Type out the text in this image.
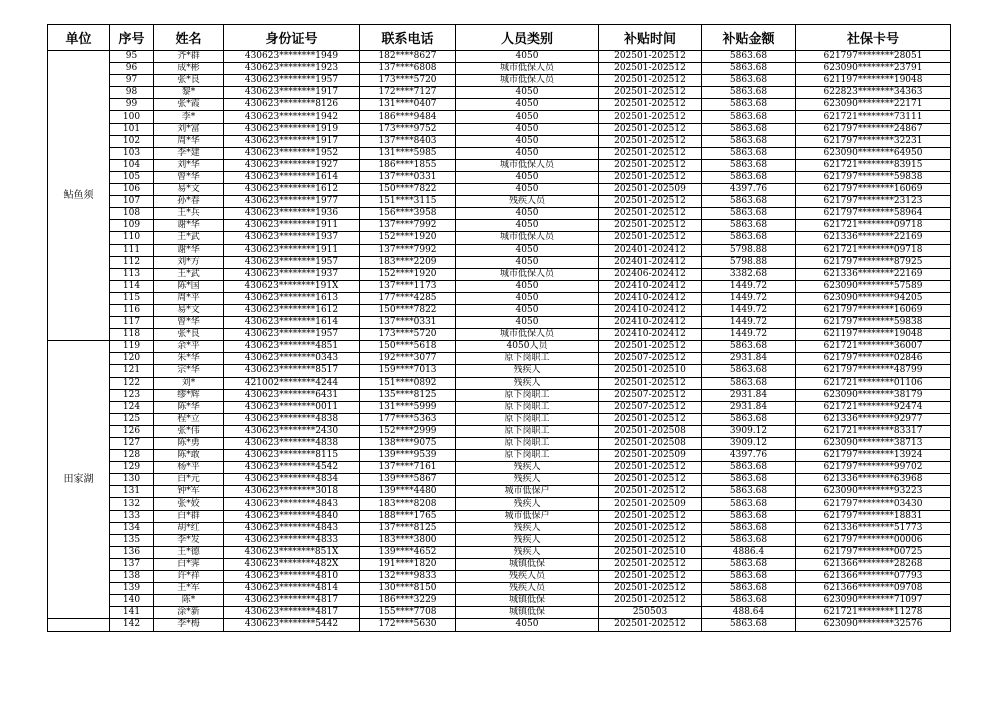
单位	序号	姓名	身份证号	联系电话	人员类别	补贴时间	补贴金额	社保卡号
鲇鱼须	95	齐*群	430623********1949	182****8627	4050	202501-202512	5863.68	621797********28051
	96	成*彬	430623********1923	137****6808	城市低保人员	202501-202512	5863.68	623090********23791
	97	张*良	430623********1957	173****5720	城市低保人员	202501-202512	5863.68	621197********19048
	98	黎*	430623********1917	172****7127	4050	202501-202512	5863.68	622823********34363
	99	张*霞	430623********8126	131****0407	4050	202501-202512	5863.68	623090********22171
	100	李*	430623********1942	186****9484	4050	202501-202512	5863.68	621721********73111
	101	刘*富	430623********1919	173****9752	4050	202501-202512	5863.68	621797********24867
	102	周*华	430623********1917	137****8403	4050	202501-202512	5863.68	621797********32231
	103	李*建	430623********1952	131****5985	4050	202501-202512	5863.68	623090********64950
	104	刘*华	430623********1927	186****1855	城市低保人员	202501-202512	5863.68	621721********83915
	105	曾*华	430623********1614	137****0331	4050	202501-202512	5863.68	621797********59838
	106	易*文	430623********1612	150****7822	4050	202501-202509	4397.76	621797********16069
	107	孙*春	430623********1977	151****3115	残疾人员	202501-202512	5863.68	621797********23123
	108	王*兵	430623********1936	156****3958	4050	202501-202512	5863.68	621797********58964
	109	谢*华	430623********1911	137****7992	4050	202501-202512	5863.68	621721********09718
	110	王*武	430623********1937	152****1920	城市低保人员	202501-202512	5863.68	621336********22169
	111	谢*华	430623********1911	137****7992	4050	202401-202412	5798.88	621721********09718
	112	刘*方	430623********1957	183****2209	4050	202401-202412	5798.88	621797********87925
	113	王*武	430623********1937	152****1920	城市低保人员	202406-202412	3382.68	621336********22169
	114	陈*国	430623********191X	137****1173	4050	202410-202412	1449.72	623090********57589
	115	周*平	430623********1613	177****4285	4050	202410-202412	1449.72	623090********94205
	116	易*文	430623********1612	150****7822	4050	202410-202412	1449.72	621797********16069
	117	曾*华	430623********1614	137****0331	4050	202410-202412	1449.72	621797********59838
	118	张*良	430623********1957	173****5720	城市低保人员	202410-202412	1449.72	621197********19048
田家湖	119	余*平	430623********4851	150****5618	4050人员	202501-202512	5863.68	621721********36007
	120	朱*华	430623********0343	192****3077	原下岗职工	202507-202512	2931.84	621797********02846
	121	宗*华	430623********8517	159****7013	残疾人	202501-202510	5863.68	621797********48799
	122	刘*	421002********4244	151****0892	残疾人	202501-202512	5863.68	621721********01106
	123	缪*辉	430623********6431	135****8125	原下岗职工	202507-202512	2931.84	623090********38179
	124	陈*华	430623********0011	131****5999	原下岗职工	202507-202512	2931.84	621721********92474
	125	程*立	430623********4838	177****5363	原下岗职工	202501-202512	5863.68	621336********92977
	126	张*伟	430623********2430	152****2999	原下岗职工	202501-202508	3909.12	621721********83317
	127	陈*勇	430623********4838	138****9075	原下岗职工	202501-202508	3909.12	623090********38713
	128	陈*敢	430623********8115	139****9539	原下岗职工	202501-202509	4397.76	621797********13924
	129	杨*平	430623********4542	137****7161	残疾人	202501-202512	5863.68	621797********99702
	130	白*元	430623********4834	139****5867	残疾人	202501-202512	5863.68	621336********63968
	131	钟*军	430623********3018	139****4480	城市低保户	202501-202512	5863.68	623090********93223
	132	张*姣	430623********4843	183****8208	残疾人	202501-202509	5863.68	621797********03430
	133	白*群	430623********4840	188****1765	城市低保户	202501-202512	5863.68	621797********18831
	134	胡*红	430623********4843	137****8125	残疾人	202501-202512	5863.68	621336********51773
	135	李*发	430623********4833	183****3800	残疾人	202501-202512	5863.68	621797********00006
	136	王*德	430623********851X	139****4652	残疾人	202501-202510	4886.4	621797********00725
	137	白*霁	430623********482X	191****1820	城镇低保	202501-202512	5863.68	621366********28268
	138	许*祥	430623********4810	132****9833	残疾人员	202501-202512	5863.68	621366********07793
	139	王*军	430623********4814	130****8150	残疾人员	202501-202512	5863.68	621366********09708
	140	陈*	430623********4817	186****3229	城镇低保	202501-202512	5863.68	623090********71097
	141	涂*新	430623********4817	155****7708	城镇低保	250503	488.64	621721********11278
	142	李*梅	430623********5442	172****5630	4050	202501-202512	5863.68	623090********32576
